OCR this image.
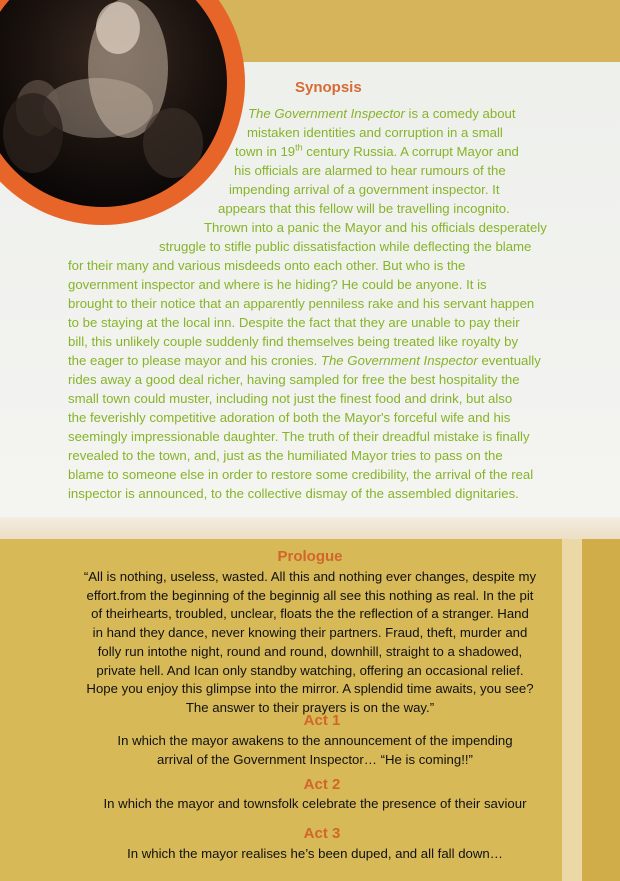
Synopsis
The Government Inspector is a comedy about
mistaken identities and corruption in a small
town in 19th century Russia. A corrupt Mayor and
his officials are alarmed to hear rumours of the
impending arrival of a government inspector. It
appears that this fellow will be travelling incognito.
Thrown into a panic the Mayor and his officials desperately
struggle to stifle public dissatisfaction while deflecting the blame
for their many and various misdeeds onto each other. But who is the
government inspector and where is he hiding? He could be anyone. It is
brought to their notice that an apparently penniless rake and his servant happen
to be staying at the local inn. Despite the fact that they are unable to pay their
bill, this unlikely couple suddenly find themselves being treated like royalty by
the eager to please mayor and his cronies. The Government Inspector eventually
rides away a good deal richer, having sampled for free the best hospitality the
small town could muster, including not just the finest food and drink, but also
the feverishly competitive adoration of both the Mayor's forceful wife and his
seemingly impressionable daughter. The truth of their dreadful mistake is finally
revealed to the town, and, just as the humiliated Mayor tries to pass on the
blame to someone else in order to restore some credibility, the arrival of the real
inspector is announced, to the collective dismay of the assembled dignitaries.
Prologue
“All is nothing, useless, wasted. All this and nothing ever changes, despite my
effort.from the beginning of the beginnig all see this nothing as real. In the pit
of theirhearts, troubled, unclear, floats the the reflection of a stranger. Hand
in hand they dance, never knowing their partners. Fraud, theft, murder and
folly run intothe night, round and round, downhill, straight to a shadowed,
private hell. And Ican only standby watching, offering an occasional relief.
Hope you enjoy this glimpse into the mirror. A splendid time awaits, you see?
The answer to their prayers is on the way.”
Act 1
In which the mayor awakens to the announcement of the impending
arrival of the Government Inspector… “He is coming!!”
Act 2
In which the mayor and townsfolk celebrate the presence of their saviour
Act 3
In which the mayor realises he’s been duped, and all fall down…
